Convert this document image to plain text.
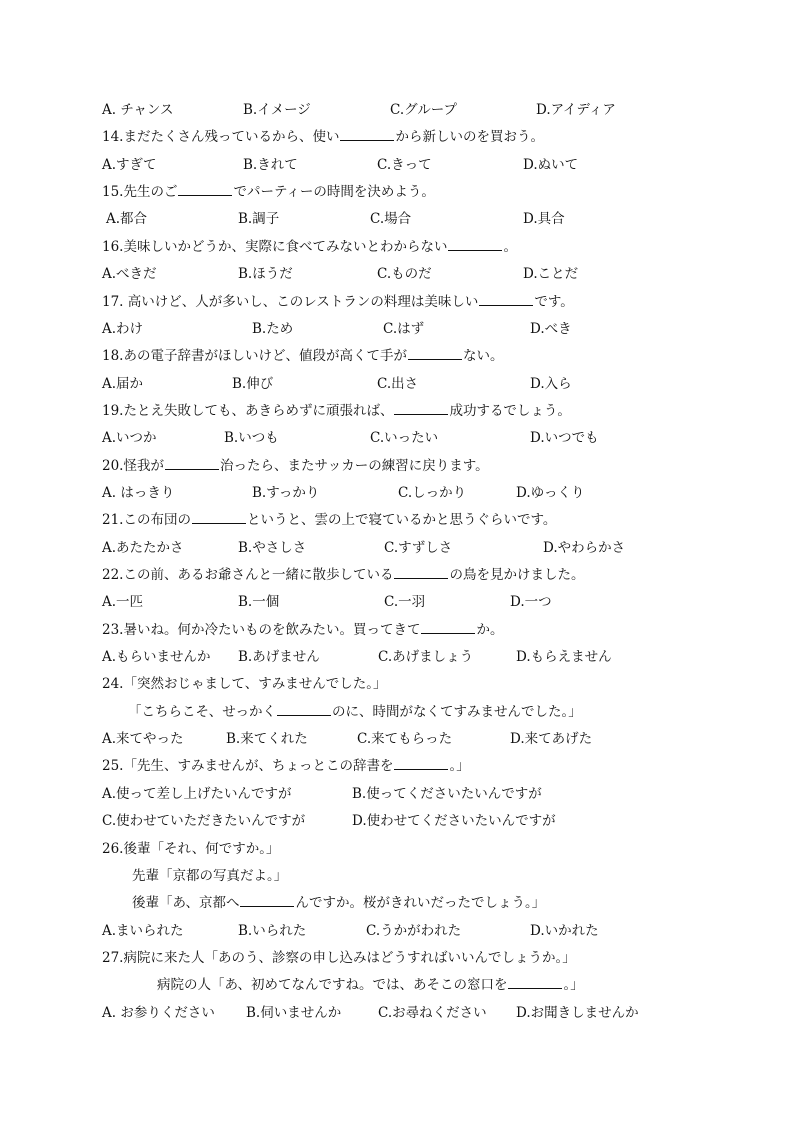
A. チャンス	B.イメージ	C.グループ	D.アイディア
14.まだたくさん残っているから、使い	から新しいのを買おう。
A.すぎて	B.きれて	C.きって	D.ぬいて
15.先生のご	でパーティーの時間を決めよう。
A.都合	B.調子	C.場合	D.具合
16.美味しいかどうか、実際に食べてみないとわからない	。
A.べきだ	B.ほうだ	C.ものだ	D.ことだ
17. 高いけど、人が多いし、このレストランの料理は美味しい	です。
A.わけ	B.ため	C.はず	D.べき
18.あの電子辞書がほしいけど、値段が高くて手が	ない。
A.届か	B.伸び	C.出さ	D.入ら
19.たとえ失敗しても、あきらめずに頑張れば、	成功するでしょう。
A.いつか	B.いつも	C.いったい	D.いつでも
20.怪我が	治ったら、またサッカーの練習に戻ります。
A. はっきり	B.すっかり	C.しっかり	D.ゆっくり
21.この布団の	というと、雲の上で寝ているかと思うぐらいです。
A.あたたかさ	B.やさしさ	C.すずしさ	D.やわらかさ
22.この前、あるお爺さんと一緒に散歩している	の鳥を見かけました。
A.一匹	B.一個	C.一羽	D.一つ
23.暑いね。何か冷たいものを飲みたい。買ってきて	か。
A.もらいませんか B.あげません	C.あげましょう	D.もらえません
24.「突然おじゃまして、すみませんでした。」
「こちらこそ、せっかく	のに、時間がなくてすみませんでした。」
A.来てやった	B.来てくれた	C.来てもらった	D.来てあげた
25.「先生、すみませんが、ちょっとこの辞書を	。」
A.使って差し上げたいんですが	B.使ってくださいたいんですが
C.使わせていただきたいんですが	D.使わせてくださいたいんですが
26.後輩「それ、何ですか。」
先輩「京都の写真だよ。」
後輩「あ、京都へ	んですか。桜がきれいだったでしょう。」
A.まいられた	B.いられた	C.うかがわれた	D.いかれた
27.病院に来た人「あのう、診察の申し込みはどうすればいいんでしょうか。」
病院の人「あ、初めてなんですね。では、あそこの窓口を	。」
A. お参りください B.伺いませんか	C.お尋ねください D.お聞きしませんか
